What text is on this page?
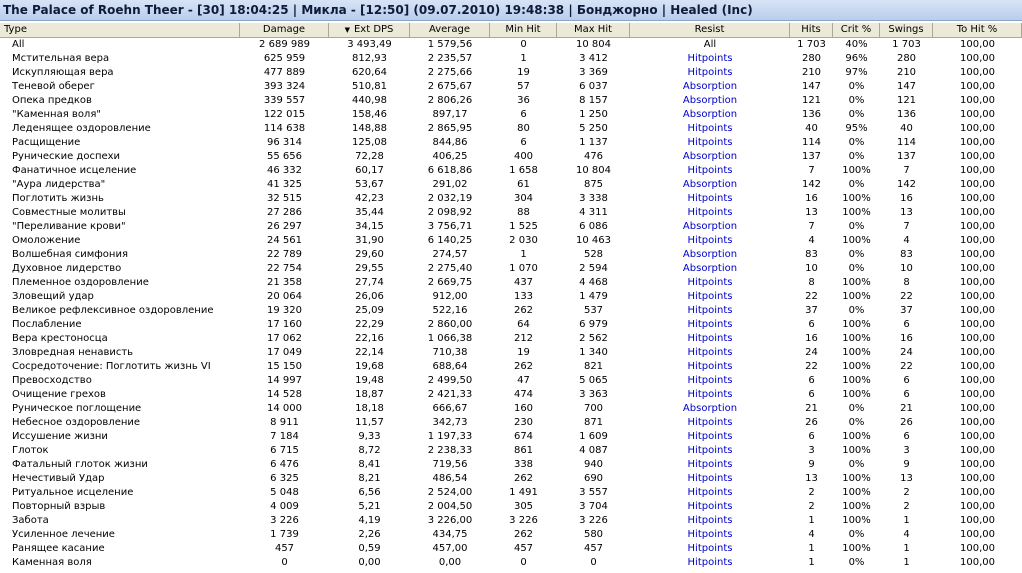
The Palace of Roehn Theer - [30] 18:04:25 | Микла - [12:50] (09.07.2010) 19:48:38 | Бонджорно | Healed (Inc)
Type	Damage	▼ Ext DPS	Average	Min Hit	Max Hit	Resist	Hits	Crit %	Swings	To Hit %
All	2 689 989	3 493,49	1 579,56	0	10 804	All	1 703	40%	1 703	100,00
Мстительная вера	625 959	812,93	2 235,57	1	3 412	Hitpoints	280	96%	280	100,00
Искупляющая вера	477 889	620,64	2 275,66	19	3 369	Hitpoints	210	97%	210	100,00
Теневой оберег	393 324	510,81	2 675,67	57	6 037	Absorption	147	0%	147	100,00
Опека предков	339 557	440,98	2 806,26	36	8 157	Absorption	121	0%	121	100,00
"Каменная воля"	122 015	158,46	897,17	6	1 250	Absorption	136	0%	136	100,00
Леденящее оздоровление	114 638	148,88	2 865,95	80	5 250	Hitpoints	40	95%	40	100,00
Расщищение	96 314	125,08	844,86	6	1 137	Hitpoints	114	0%	114	100,00
Рунические доспехи	55 656	72,28	406,25	400	476	Absorption	137	0%	137	100,00
Фанатичное исцеление	46 332	60,17	6 618,86	1 658	10 804	Hitpoints	7	100%	7	100,00
"Аура лидерства"	41 325	53,67	291,02	61	875	Absorption	142	0%	142	100,00
Поглотить жизнь	32 515	42,23	2 032,19	304	3 338	Hitpoints	16	100%	16	100,00
Совместные молитвы	27 286	35,44	2 098,92	88	4 311	Hitpoints	13	100%	13	100,00
"Переливание крови"	26 297	34,15	3 756,71	1 525	6 086	Absorption	7	0%	7	100,00
Омоложение	24 561	31,90	6 140,25	2 030	10 463	Hitpoints	4	100%	4	100,00
Волшебная симфония	22 789	29,60	274,57	1	528	Absorption	83	0%	83	100,00
Духовное лидерство	22 754	29,55	2 275,40	1 070	2 594	Absorption	10	0%	10	100,00
Племенное оздоровление	21 358	27,74	2 669,75	437	4 468	Hitpoints	8	100%	8	100,00
Зловещий удар	20 064	26,06	912,00	133	1 479	Hitpoints	22	100%	22	100,00
Великое рефлексивное оздоровление	19 320	25,09	522,16	262	537	Hitpoints	37	0%	37	100,00
Послабление	17 160	22,29	2 860,00	64	6 979	Hitpoints	6	100%	6	100,00
Вера крестоносца	17 062	22,16	1 066,38	212	2 562	Hitpoints	16	100%	16	100,00
Зловредная ненависть	17 049	22,14	710,38	19	1 340	Hitpoints	24	100%	24	100,00
Сосредоточение: Поглотить жизнь VI	15 150	19,68	688,64	262	821	Hitpoints	22	100%	22	100,00
Превосходство	14 997	19,48	2 499,50	47	5 065	Hitpoints	6	100%	6	100,00
Очищение грехов	14 528	18,87	2 421,33	474	3 363	Hitpoints	6	100%	6	100,00
Руническое поглощение	14 000	18,18	666,67	160	700	Absorption	21	0%	21	100,00
Небесное оздоровление	8 911	11,57	342,73	230	871	Hitpoints	26	0%	26	100,00
Иссушение жизни	7 184	9,33	1 197,33	674	1 609	Hitpoints	6	100%	6	100,00
Глоток	6 715	8,72	2 238,33	861	4 087	Hitpoints	3	100%	3	100,00
Фатальный глоток жизни	6 476	8,41	719,56	338	940	Hitpoints	9	0%	9	100,00
Нечестивый Удар	6 325	8,21	486,54	262	690	Hitpoints	13	100%	13	100,00
Ритуальное исцеление	5 048	6,56	2 524,00	1 491	3 557	Hitpoints	2	100%	2	100,00
Повторный взрыв	4 009	5,21	2 004,50	305	3 704	Hitpoints	2	100%	2	100,00
Забота	3 226	4,19	3 226,00	3 226	3 226	Hitpoints	1	100%	1	100,00
Усиленное лечение	1 739	2,26	434,75	262	580	Hitpoints	4	0%	4	100,00
Ранящее касание	457	0,59	457,00	457	457	Hitpoints	1	100%	1	100,00
Каменная воля	0	0,00	0,00	0	0	Hitpoints	1	0%	1	100,00
